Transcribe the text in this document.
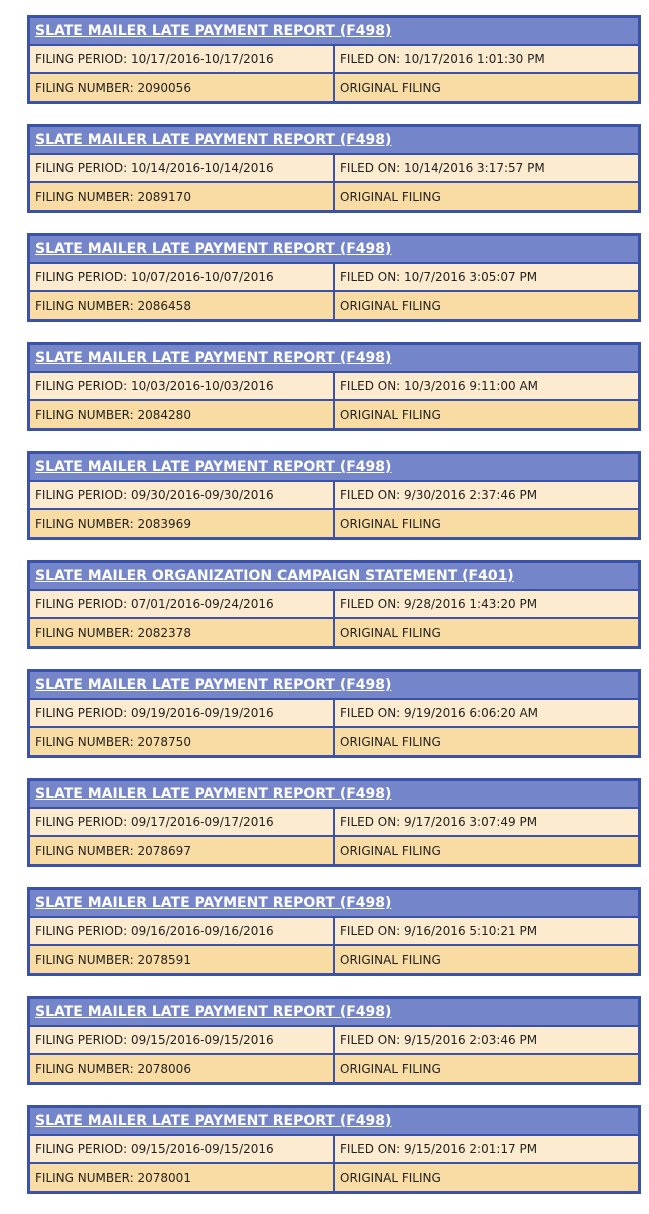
SLATE MAILER LATE PAYMENT REPORT (F498)
FILING PERIOD: 10/17/2016-10/17/2016	FILED ON: 10/17/2016 1:01:30 PM
FILING NUMBER: 2090056	ORIGINAL FILING
SLATE MAILER LATE PAYMENT REPORT (F498)
FILING PERIOD: 10/14/2016-10/14/2016	FILED ON: 10/14/2016 3:17:57 PM
FILING NUMBER: 2089170	ORIGINAL FILING
SLATE MAILER LATE PAYMENT REPORT (F498)
FILING PERIOD: 10/07/2016-10/07/2016	FILED ON: 10/7/2016 3:05:07 PM
FILING NUMBER: 2086458	ORIGINAL FILING
SLATE MAILER LATE PAYMENT REPORT (F498)
FILING PERIOD: 10/03/2016-10/03/2016	FILED ON: 10/3/2016 9:11:00 AM
FILING NUMBER: 2084280	ORIGINAL FILING
SLATE MAILER LATE PAYMENT REPORT (F498)
FILING PERIOD: 09/30/2016-09/30/2016	FILED ON: 9/30/2016 2:37:46 PM
FILING NUMBER: 2083969	ORIGINAL FILING
SLATE MAILER ORGANIZATION CAMPAIGN STATEMENT (F401)
FILING PERIOD: 07/01/2016-09/24/2016	FILED ON: 9/28/2016 1:43:20 PM
FILING NUMBER: 2082378	ORIGINAL FILING
SLATE MAILER LATE PAYMENT REPORT (F498)
FILING PERIOD: 09/19/2016-09/19/2016	FILED ON: 9/19/2016 6:06:20 AM
FILING NUMBER: 2078750	ORIGINAL FILING
SLATE MAILER LATE PAYMENT REPORT (F498)
FILING PERIOD: 09/17/2016-09/17/2016	FILED ON: 9/17/2016 3:07:49 PM
FILING NUMBER: 2078697	ORIGINAL FILING
SLATE MAILER LATE PAYMENT REPORT (F498)
FILING PERIOD: 09/16/2016-09/16/2016	FILED ON: 9/16/2016 5:10:21 PM
FILING NUMBER: 2078591	ORIGINAL FILING
SLATE MAILER LATE PAYMENT REPORT (F498)
FILING PERIOD: 09/15/2016-09/15/2016	FILED ON: 9/15/2016 2:03:46 PM
FILING NUMBER: 2078006	ORIGINAL FILING
SLATE MAILER LATE PAYMENT REPORT (F498)
FILING PERIOD: 09/15/2016-09/15/2016	FILED ON: 9/15/2016 2:01:17 PM
FILING NUMBER: 2078001	ORIGINAL FILING
